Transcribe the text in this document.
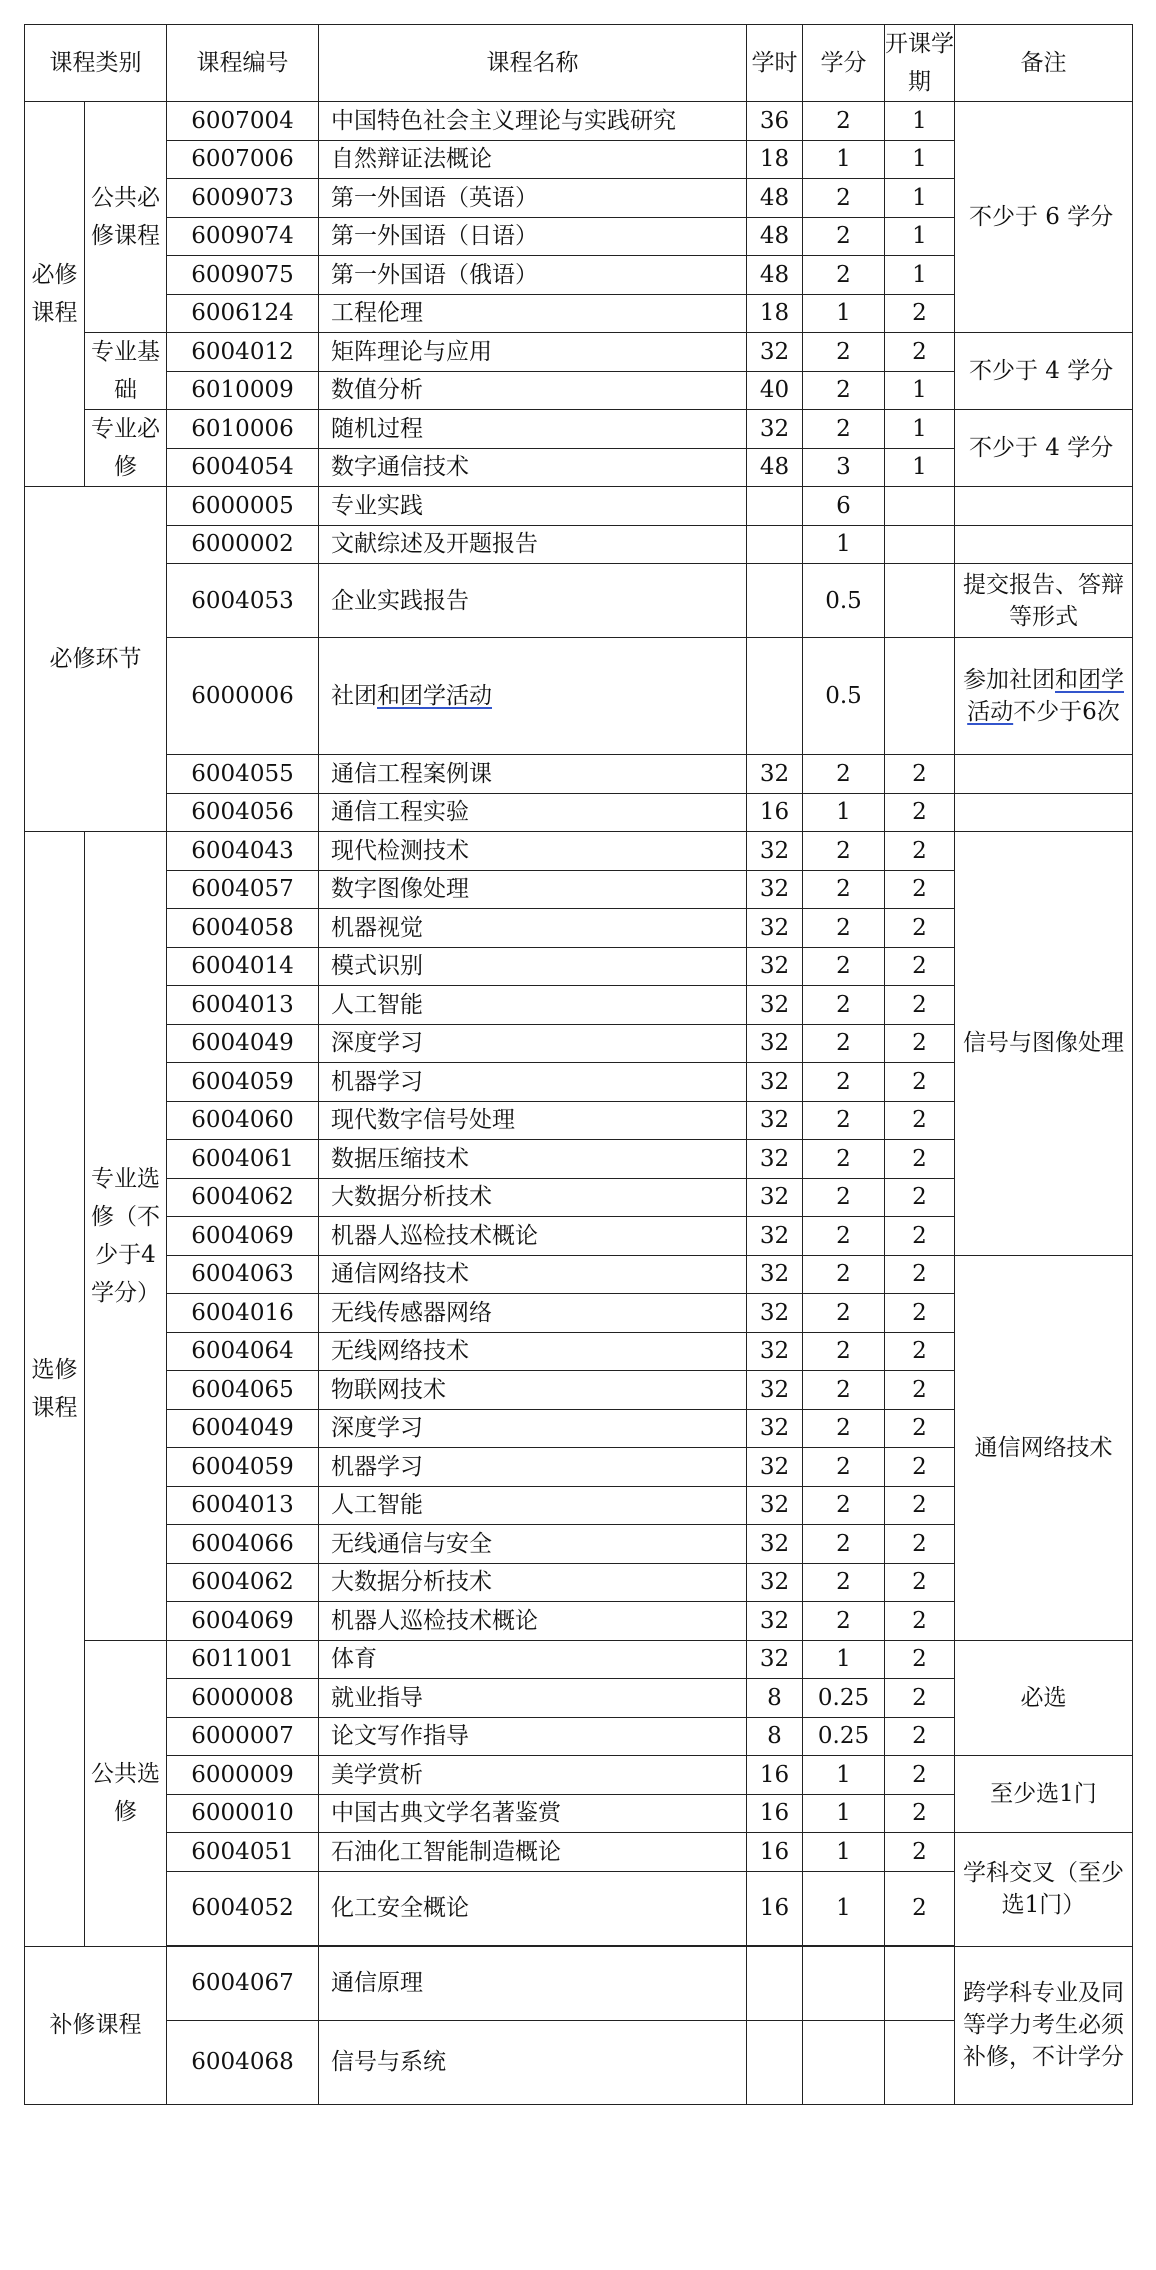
课程类别		课程编号	课程名称	学时	学分	开课学期	备注
必修课程	公共必修课程	6007004	中国特色社会主义理论与实践研究	36	2	1	不少于 6 学分
		6007006	自然辩证法概论	18	1	1	
		6009073	第一外国语（英语）	48	2	1	
		6009074	第一外国语（日语）	48	2	1	
		6009075	第一外国语（俄语）	48	2	1	
		6006124	工程伦理	18	1	2	
	专业基础	6004012	矩阵理论与应用	32	2	2	不少于 4 学分
		6010009	数值分析	40	2	1	
	专业必修	6010006	随机过程	32	2	1	不少于 4 学分
		6004054	数字通信技术	48	3	1	
必修环节		6000005	专业实践		6		
		6000002	文献综述及开题报告		1		
		6004053	企业实践报告		0.5		提交报告、答辩等形式
		6000006	社团和团学活动		0.5		参加社团和团学活动不少于6次
		6004055	通信工程案例课	32	2	2	
		6004056	通信工程实验	16	1	2	
选修课程	专业选修（不少于4学分）	6004043	现代检测技术	32	2	2	信号与图像处理
		6004057	数字图像处理	32	2	2	
		6004058	机器视觉	32	2	2	
		6004014	模式识别	32	2	2	
		6004013	人工智能	32	2	2	
		6004049	深度学习	32	2	2	
		6004059	机器学习	32	2	2	
		6004060	现代数字信号处理	32	2	2	
		6004061	数据压缩技术	32	2	2	
		6004062	大数据分析技术	32	2	2	
		6004069	机器人巡检技术概论	32	2	2	
		6004063	通信网络技术	32	2	2	通信网络技术
		6004016	无线传感器网络	32	2	2	
		6004064	无线网络技术	32	2	2	
		6004065	物联网技术	32	2	2	
		6004049	深度学习	32	2	2	
		6004059	机器学习	32	2	2	
		6004013	人工智能	32	2	2	
		6004066	无线通信与安全	32	2	2	
		6004062	大数据分析技术	32	2	2	
		6004069	机器人巡检技术概论	32	2	2	
	公共选修	6011001	体育	32	1	2	必选
		6000008	就业指导	8	0.25	2	
		6000007	论文写作指导	8	0.25	2	
		6000009	美学赏析	16	1	2	至少选1门
		6000010	中国古典文学名著鉴赏	16	1	2	
		6004051	石油化工智能制造概论	16	1	2	学科交叉（至少选1门）
		6004052	化工安全概论	16	1	2	

补修课程		6004067	通信原理				跨学科专业及同等学力考生必须补修，不计学分
		6004068	信号与系统				
